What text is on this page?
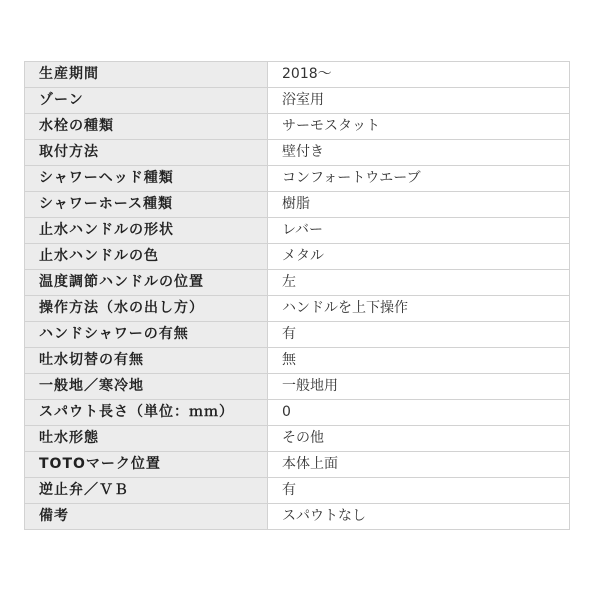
生産期間	2018～
ゾーン	浴室用
水栓の種類	サーモスタット
取付方法	壁付き
シャワーヘッド種類	コンフォートウエーブ
シャワーホース種類	樹脂
止水ハンドルの形状	レバー
止水ハンドルの色	メタル
温度調節ハンドルの位置	左
操作方法（水の出し方）	ハンドルを上下操作
ハンドシャワーの有無	有
吐水切替の有無	無
一般地／寒冷地	一般地用
スパウト長さ（単位：ｍｍ）	0
吐水形態	その他
TOTOマーク位置	本体上面
逆止弁／ＶＢ	有
備考	スパウトなし
